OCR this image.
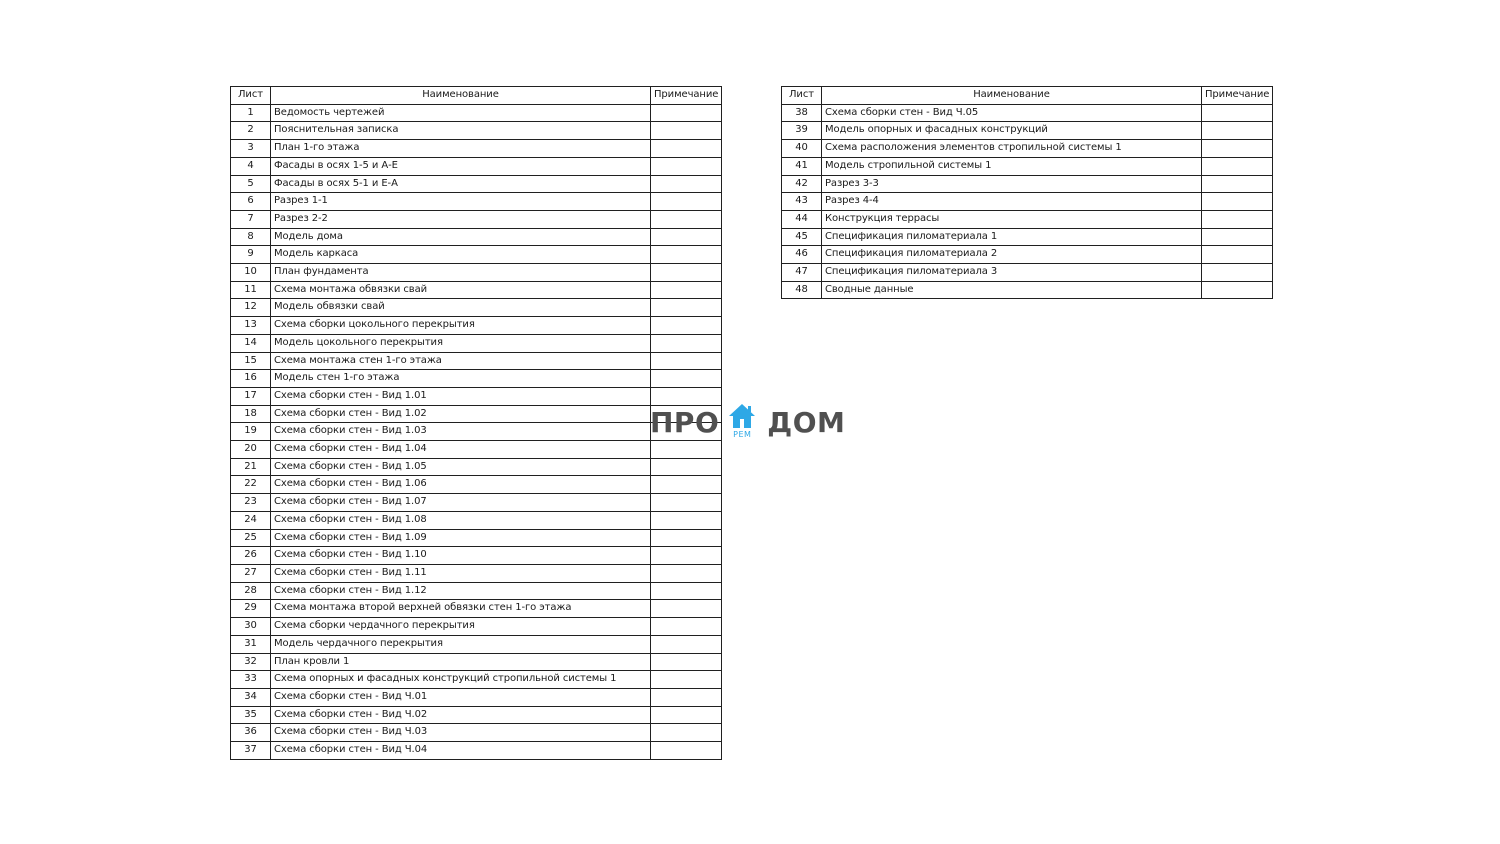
Лист	Наименование	Примечание
1	Ведомость чертежей	
2	Пояснительная записка	
3	План 1-го этажа	
4	Фасады в осях 1-5 и А-Е	
5	Фасады в осях 5-1 и Е-А	
6	Разрез 1-1	
7	Разрез 2-2	
8	Модель дома	
9	Модель каркаса	
10	План фундамента	
11	Схема монтажа обвязки свай	
12	Модель обвязки свай	
13	Схема сборки цокольного перекрытия	
14	Модель цокольного перекрытия	
15	Схема монтажа стен 1-го этажа	
16	Модель стен 1-го этажа	
17	Схема сборки стен - Вид 1.01	
18	Схема сборки стен - Вид 1.02	
19	Схема сборки стен - Вид 1.03	
20	Схема сборки стен - Вид 1.04	
21	Схема сборки стен - Вид 1.05	
22	Схема сборки стен - Вид 1.06	
23	Схема сборки стен - Вид 1.07	
24	Схема сборки стен - Вид 1.08	
25	Схема сборки стен - Вид 1.09	
26	Схема сборки стен - Вид 1.10	
27	Схема сборки стен - Вид 1.11	
28	Схема сборки стен - Вид 1.12	
29	Схема монтажа второй верхней обвязки стен 1-го этажа	
30	Схема сборки чердачного перекрытия	
31	Модель чердачного перекрытия	
32	План кровли 1	
33	Схема опорных и фасадных конструкций стропильной системы 1	
34	Схема сборки стен - Вид Ч.01	
35	Схема сборки стен - Вид Ч.02	
36	Схема сборки стен - Вид Ч.03	
37	Схема сборки стен - Вид Ч.04	
Лист	Наименование	Примечание
38	Схема сборки стен - Вид Ч.05	
39	Модель опорных и фасадных конструкций	
40	Схема расположения элементов стропильной системы 1	
41	Модель стропильной системы 1	
42	Разрез 3-3	
43	Разрез 4-4	
44	Конструкция террасы	
45	Спецификация пиломатериала 1	
46	Спецификация пиломатериала 2	
47	Спецификация пиломатериала 3	
48	Сводные данные	
ПРО	РЕМ ДОМ
